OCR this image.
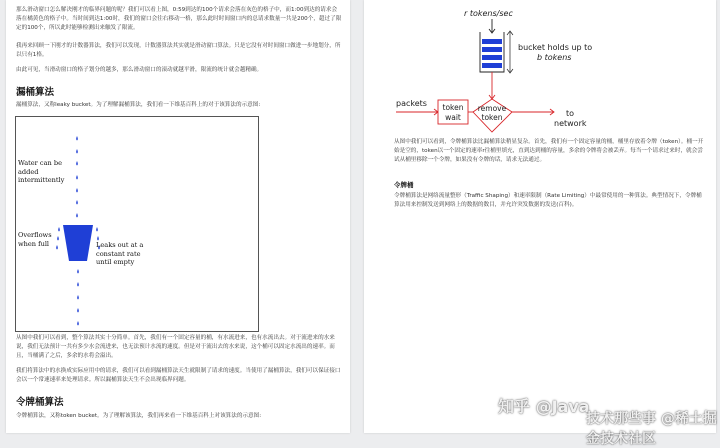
那么滑动窗口怎么解决刚才的临界问题的呢？我们可以看上图，0:59到达的100个请求会落在灰色的格子中，而1:00到达的请求会落在橘黄色的格子中。当时间到达1:00时，我们的窗口会往右移动一格，那么此时时间窗口内的总请求数量一共是200个，超过了限定的100个，所以此时能够检测出来触发了限流。
我再来回顾一下刚才的计数器算法，我们可以发现，计数器算法其实就是滑动窗口算法。只是它没有对时间窗口做进一步地划分，所以只有1格。
由此可见，当滑动窗口的格子划分的越多，那么滑动窗口的滚动就越平滑，限流的统计就会越精确。
漏桶算法
漏桶算法，又称leaky bucket。为了理解漏桶算法，我们看一下维基百科上的对于该算法的示意图:
Water can be added intermittently
Overflows when full	Leaks out at a constant rate until empty
从图中我们可以看到，整个算法其实十分简单。首先，我们有一个固定容量的桶，有水流进来，也有水流出去。对于流进来的水来说，我们无法预计一共有多少水会流进来，也无法预计水流的速度。但是对于流出去的水来说，这个桶可以固定水流出的速率。而且，当桶满了之后，多余的水将会溢出。
我们将算法中的水换成实际应用中的请求，我们可以看到漏桶算法天生就限制了请求的速度。当使用了漏桶算法，我们可以保证接口会以一个常速速率来处理请求。所以漏桶算法天生不会出现临界问题。
令牌桶算法
令牌桶算法，又称token bucket。为了理解该算法，我们再来看一下维基百科上对该算法的示意图:
r tokens/sec
bucket holds up to
b tokens
packets token
wait
remove
token	to
network
从图中我们可以看到，令牌桶算法比漏桶算法稍显复杂。首先，我们有一个固定容量的桶，桶里存放着令牌（token）。桶一开始是空的，token以一个固定的速率r往桶里填充，直到达到桶的容量，多余的令牌将会被丢弃。每当一个请求过来时，就会尝试从桶里移除一个令牌，如果没有令牌的话，请求无法通过。
令牌桶
令牌桶算法是网络流量整形（Traffic Shaping）和速率限制（Rate Limiting）中最常使用的一种算法。典型情况下，令牌桶算法用来控制发送到网络上的数据的数目，并允许突发数据的发送(百科)。
知乎 @Java
技术那些事 @稀土掘金技术社区
